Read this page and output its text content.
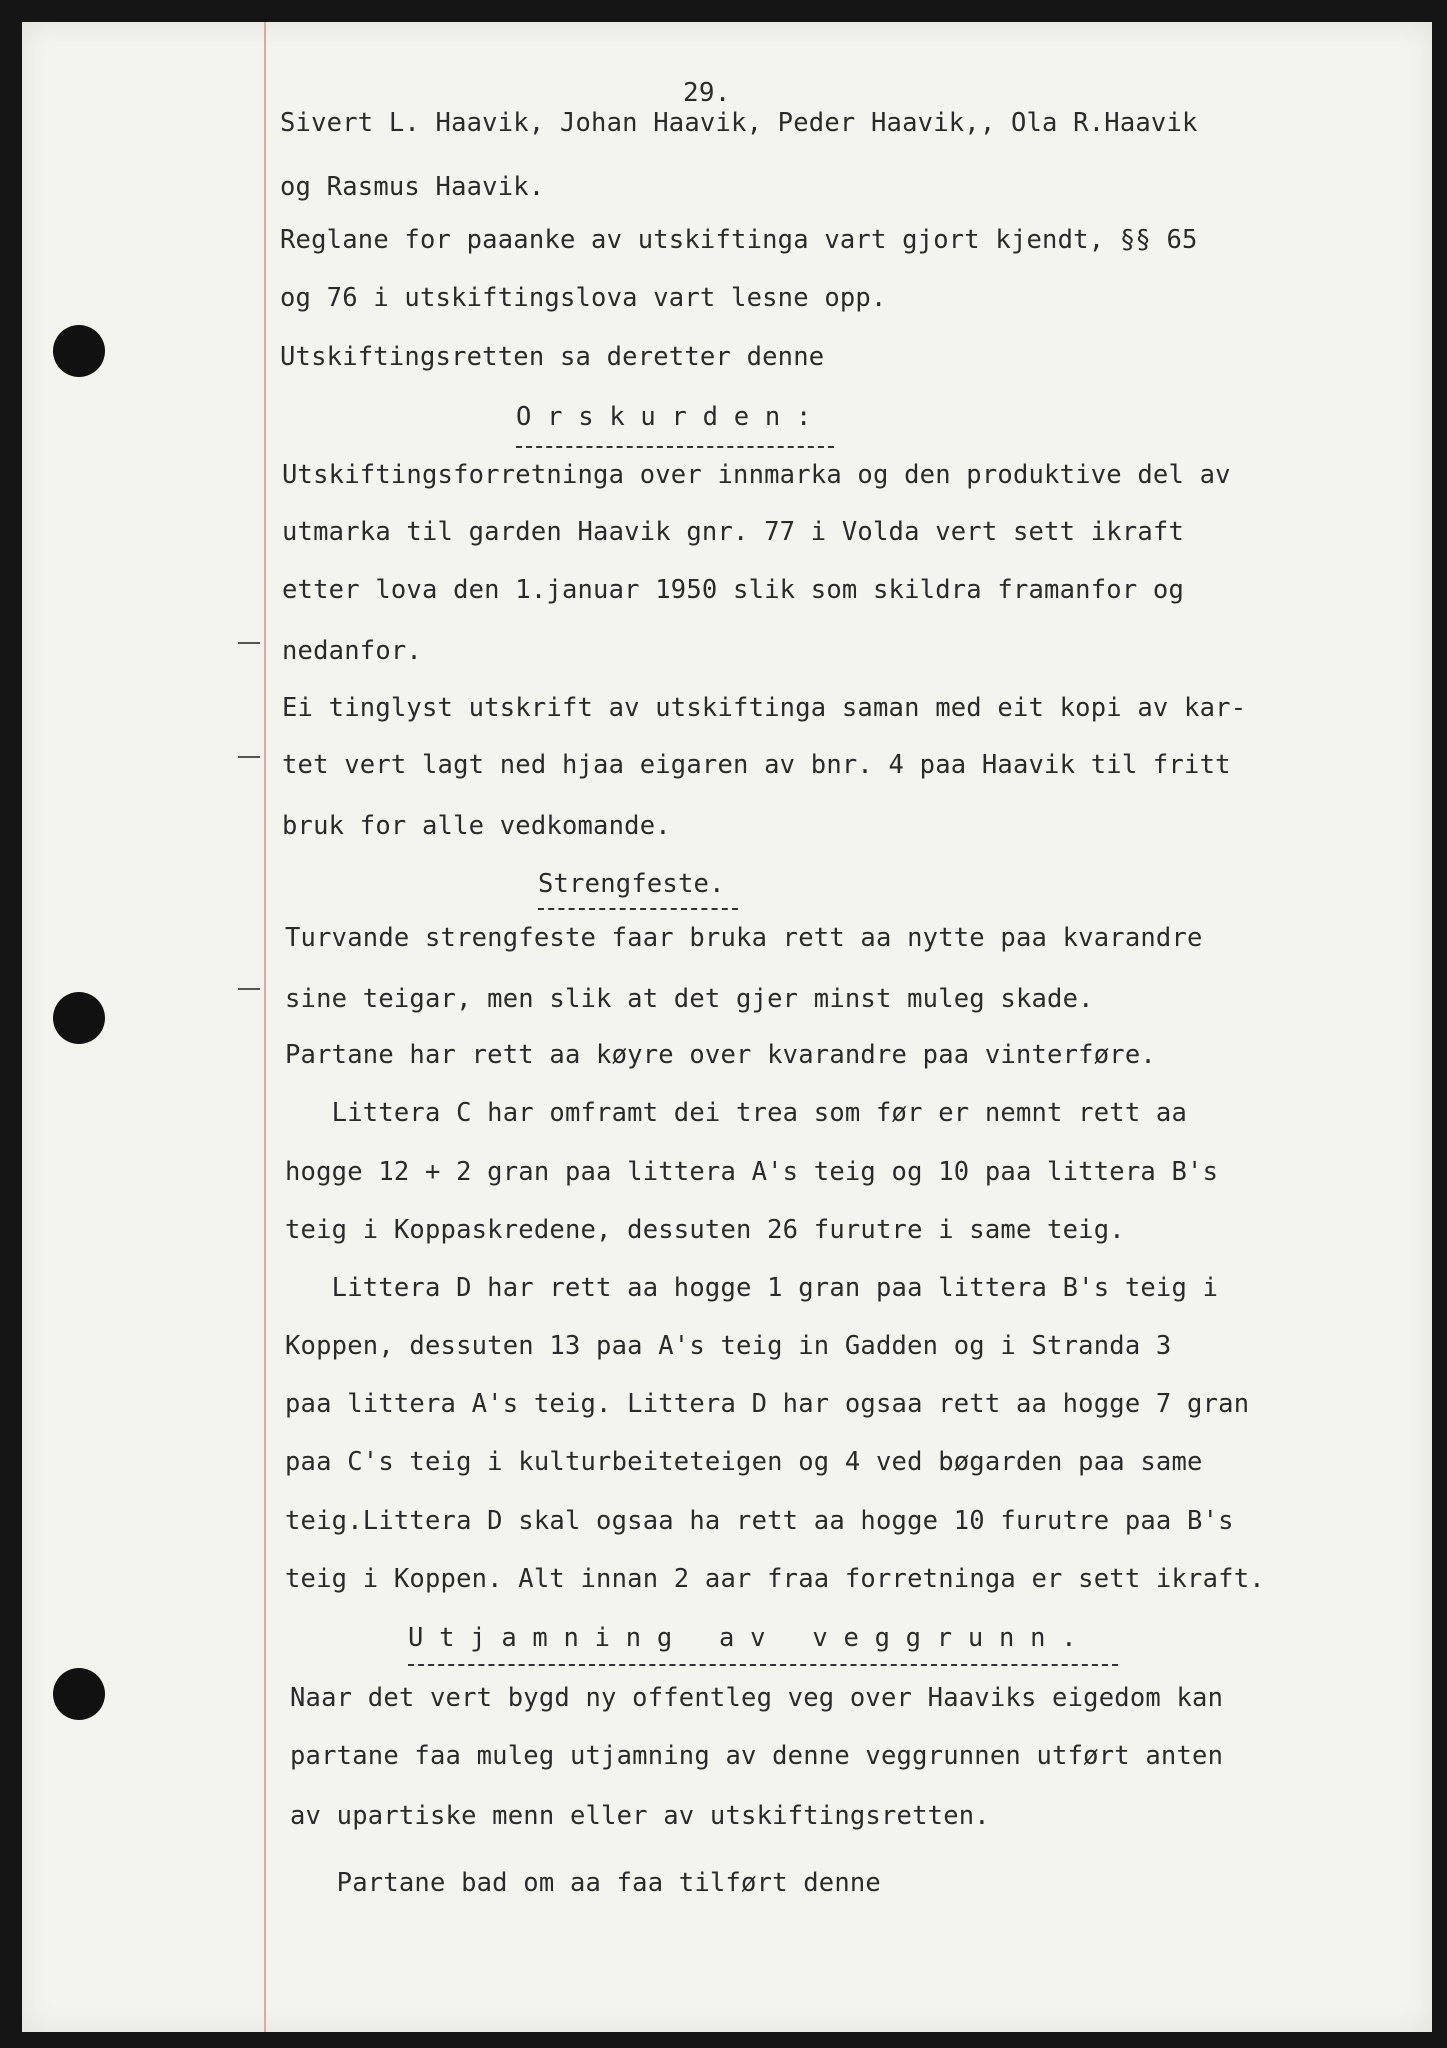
29.
Sivert L. Haavik, Johan Haavik, Peder Haavik,, Ola R.Haavik
og Rasmus Haavik.
Reglane for paaanke av utskiftinga vart gjort kjendt, §§ 65
og 76 i utskiftingslova vart lesne opp.
Utskiftingsretten sa deretter denne
O r s k u r d e n :
Utskiftingsforretninga over innmarka og den produktive del av
utmarka til garden Haavik gnr. 77 i Volda vert sett ikraft
etter lova den 1.januar 1950 slik som skildra framanfor og
nedanfor.
Ei tinglyst utskrift av utskiftinga saman med eit kopi av kar-
tet vert lagt ned hjaa eigaren av bnr. 4 paa Haavik til fritt
bruk for alle vedkomande.
Strengfeste.
Turvande strengfeste faar bruka rett aa nytte paa kvarandre
sine teigar, men slik at det gjer minst muleg skade.
Partane har rett aa køyre over kvarandre paa vinterføre.
Littera C har omframt dei trea som før er nemnt rett aa
hogge 12 + 2 gran paa littera A's teig og 10 paa littera B's
teig i Koppaskredene, dessuten 26 furutre i same teig.
Littera D har rett aa hogge 1 gran paa littera B's teig i
Koppen, dessuten 13 paa A's teig in Gadden og i Stranda 3
paa littera A's teig. Littera D har ogsaa rett aa hogge 7 gran
paa C's teig i kulturbeiteteigen og 4 ved bøgarden paa same
teig.Littera D skal ogsaa ha rett aa hogge 10 furutre paa B's
teig i Koppen. Alt innan 2 aar fraa forretninga er sett ikraft.
U t j a m n i n g   a v   v e g g r u n n .
Naar det vert bygd ny offentleg veg over Haaviks eigedom kan
partane faa muleg utjamning av denne veggrunnen utført anten
av upartiske menn eller av utskiftingsretten.
Partane bad om aa faa tilført denne
